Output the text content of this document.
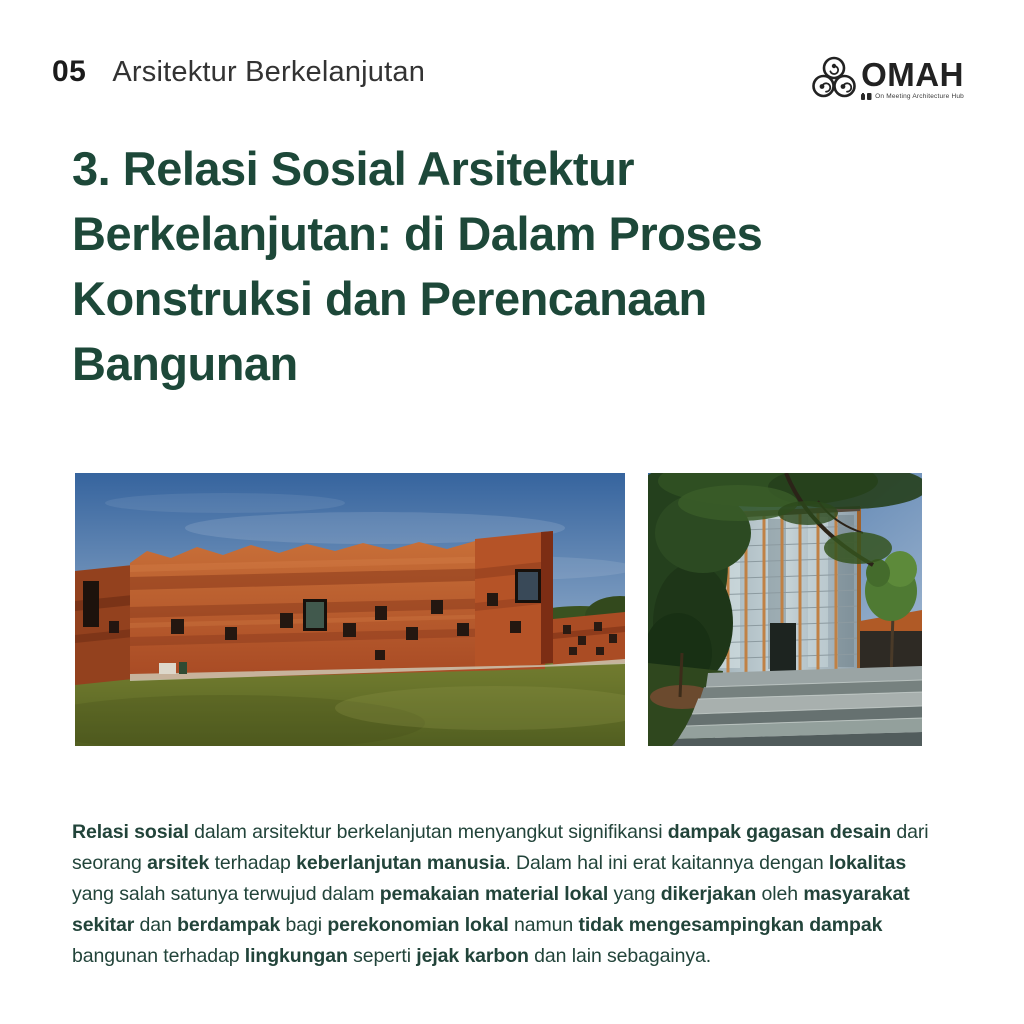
05 Arsitektur Berkelanjutan	OMAH
On Meeting Architecture Hub
3. Relasi Sosial Arsitektur Berkelanjutan: di Dalam Proses Konstruksi dan Perencanaan Bangunan

Relasi sosial dalam arsitektur berkelanjutan menyangkut signifikansi dampak gagasan desain dari seorang arsitek terhadap keberlanjutan manusia. Dalam hal ini erat kaitannya dengan lokalitas yang salah satunya terwujud dalam pemakaian material lokal yang dikerjakan oleh masyarakat sekitar dan berdampak bagi perekonomian lokal namun tidak mengesampingkan dampak bangunan terhadap lingkungan seperti jejak karbon dan lain sebagainya.
